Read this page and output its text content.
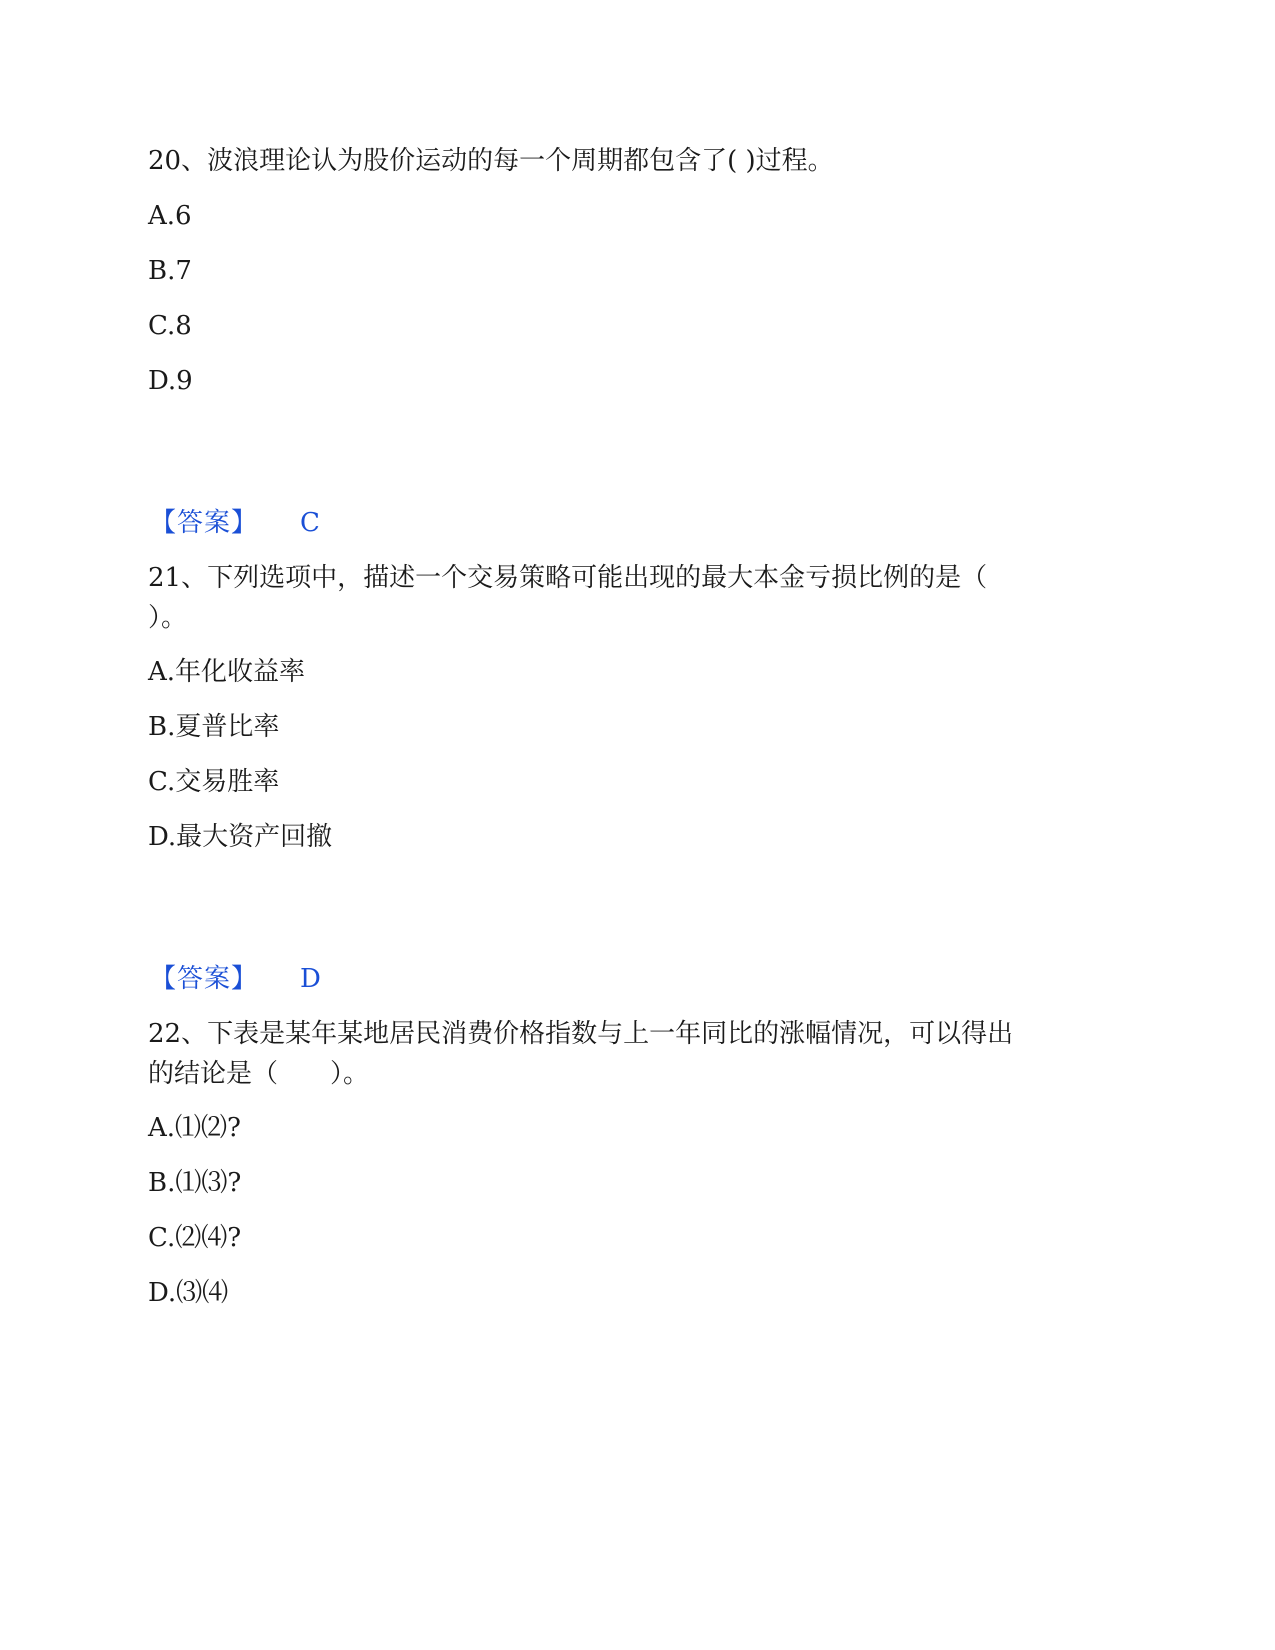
20、波浪理论认为股价运动的每一个周期都包含了( )过程。
A.6
B.7
C.8
D.9
【答案】 C
21、下列选项中，描述一个交易策略可能出现的最大本金亏损比例的是（
）。
A.年化收益率
B.夏普比率
C.交易胜率
D.最大资产回撤
【答案】 D
22、下表是某年某地居民消费价格指数与上一年同比的涨幅情况，可以得出
的结论是（　　）。
A.⑴⑵?
B.⑴⑶?
C.⑵⑷?
D.⑶⑷
